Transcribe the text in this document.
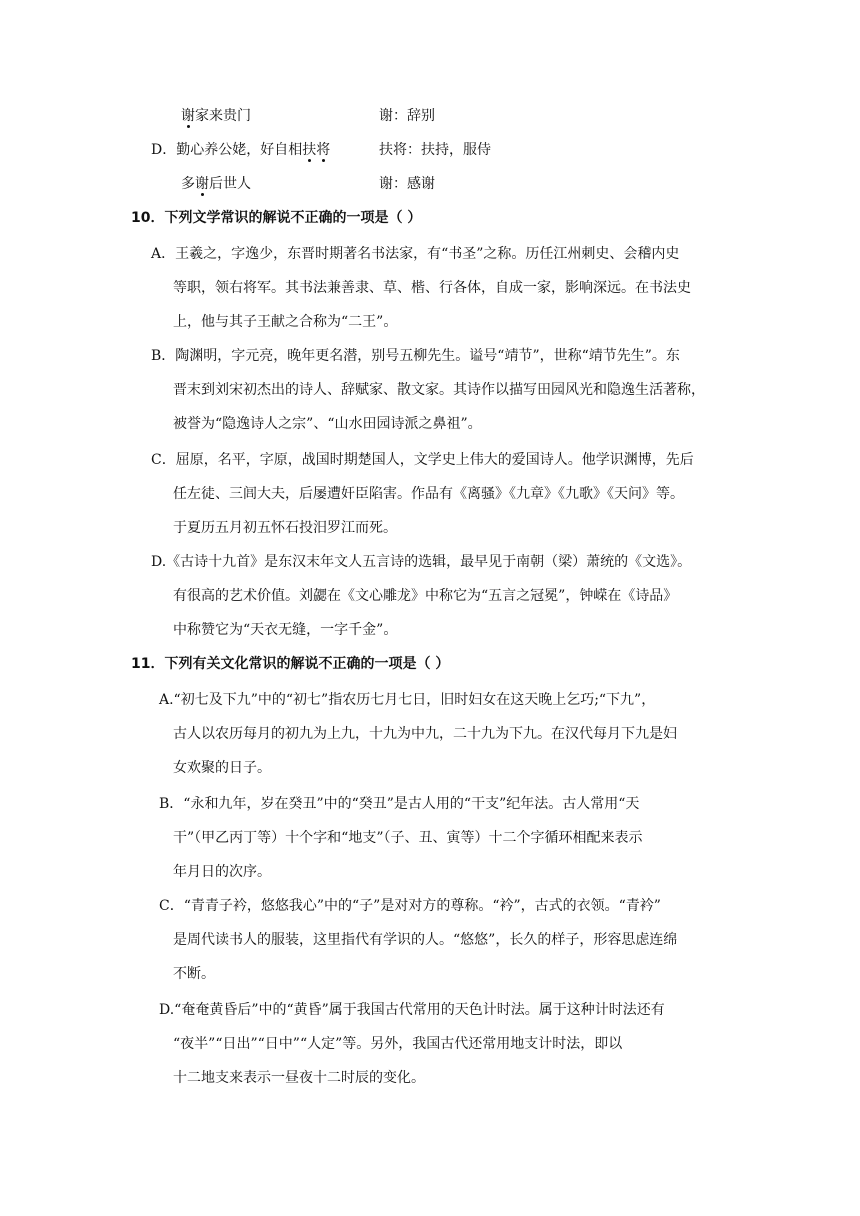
谢家来贵门	谢：辞别
D．勤心养公姥，好自相扶将	扶将：扶持，服侍
多谢后世人	谢：感谢
10．下列文学常识的解说不正确的一项是（ ）
A．王羲之，字逸少，东晋时期著名书法家，有“书圣”之称。历任江州刺史、会稽内史
等职，领右将军。其书法兼善隶、草、楷、行各体，自成一家，影响深远。在书法史
上，他与其子王献之合称为“二王”。
B．陶渊明，字元亮，晚年更名潜，别号五柳先生。谥号“靖节”，世称“靖节先生”。东
晋末到刘宋初杰出的诗人、辞赋家、散文家。其诗作以描写田园风光和隐逸生活著称，
被誉为“隐逸诗人之宗”、“山水田园诗派之鼻祖”。
C．屈原，名平，字原，战国时期楚国人，文学史上伟大的爱国诗人。他学识渊博，先后
任左徒、三闾大夫，后屡遭奸臣陷害。作品有《离骚》《九章》《九歌》《天问》等。
于夏历五月初五怀石投汨罗江而死。
D.《古诗十九首》是东汉末年文人五言诗的选辑，最早见于南朝（梁）萧统的《文选》。
有很高的艺术价值。刘勰在《文心雕龙》中称它为“五言之冠冕”，钟嵘在《诗品》
中称赞它为“天衣无缝，一字千金”。
11．下列有关文化常识的解说不正确的一项是（ ）
A.“初七及下九”中的“初七”指农历七月七日，旧时妇女在这天晚上乞巧;“下九”，
古人以农历每月的初九为上九，十九为中九，二十九为下九。在汉代每月下九是妇
女欢聚的日子。
B．“永和九年，岁在癸丑”中的“癸丑”是古人用的“干支”纪年法。古人常用“天
干”（甲乙丙丁等）十个字和“地支”（子、丑、寅等）十二个字循环相配来表示
年月日的次序。
C．“青青子衿，悠悠我心”中的“子”是对对方的尊称。“衿”，古式的衣领。“青衿”
是周代读书人的服装，这里指代有学识的人。“悠悠”，长久的样子，形容思虑连绵
不断。
D.“奄奄黄昏后”中的“黄昏”属于我国古代常用的天色计时法。属于这种计时法还有
“夜半”“日出”“日中”“人定”等。另外，我国古代还常用地支计时法，即以
十二地支来表示一昼夜十二时辰的变化。
